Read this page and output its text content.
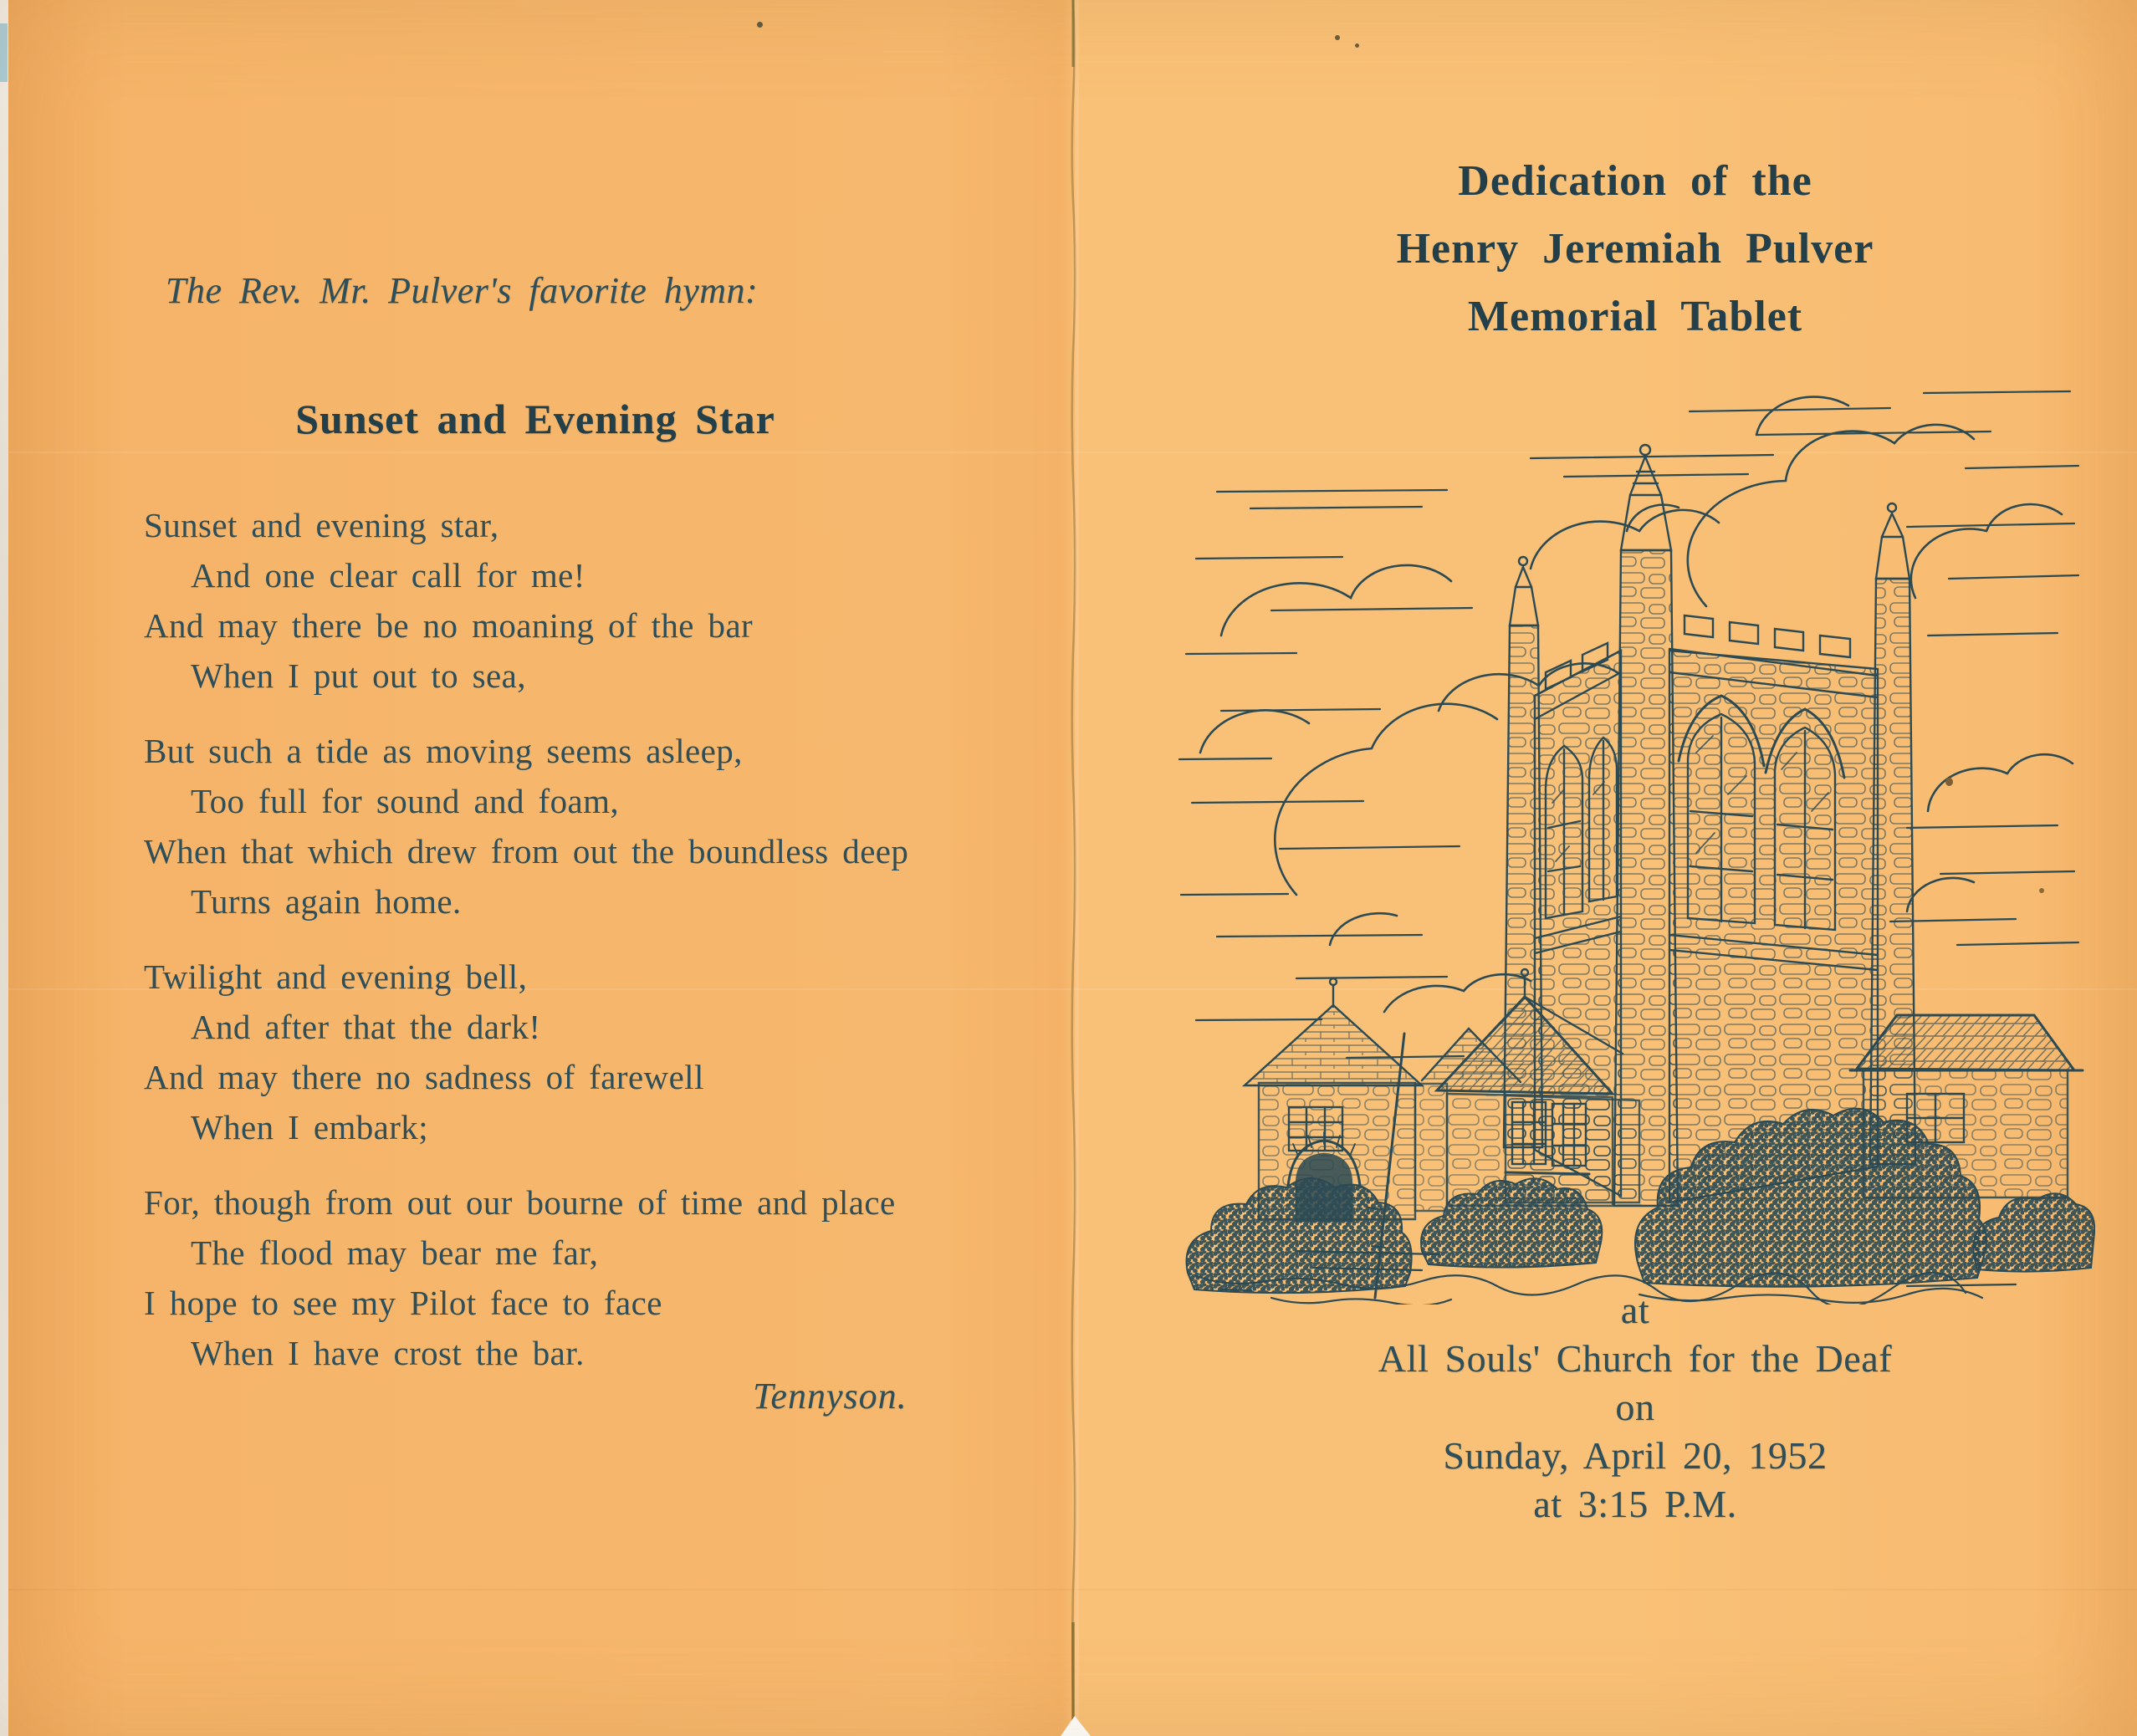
The Rev. Mr. Pulver's favorite hymn:
Sunset and Evening Star
Sunset and evening star,
And one clear call for me!
And may there be no moaning of the bar
When I put out to sea,
But such a tide as moving seems asleep,
Too full for sound and foam,
When that which drew from out the boundless deep
Turns again home.
Twilight and evening bell,
And after that the dark!
And may there no sadness of farewell
When I embark;
For, though from out our bourne of time and place
The flood may bear me far,
I hope to see my Pilot face to face
When I have crost the bar.
Tennyson.
Dedication of the
Henry Jeremiah Pulver
Memorial Tablet
at
All Souls' Church for the Deaf
on
Sunday, April 20, 1952
at 3:15 P.M.
